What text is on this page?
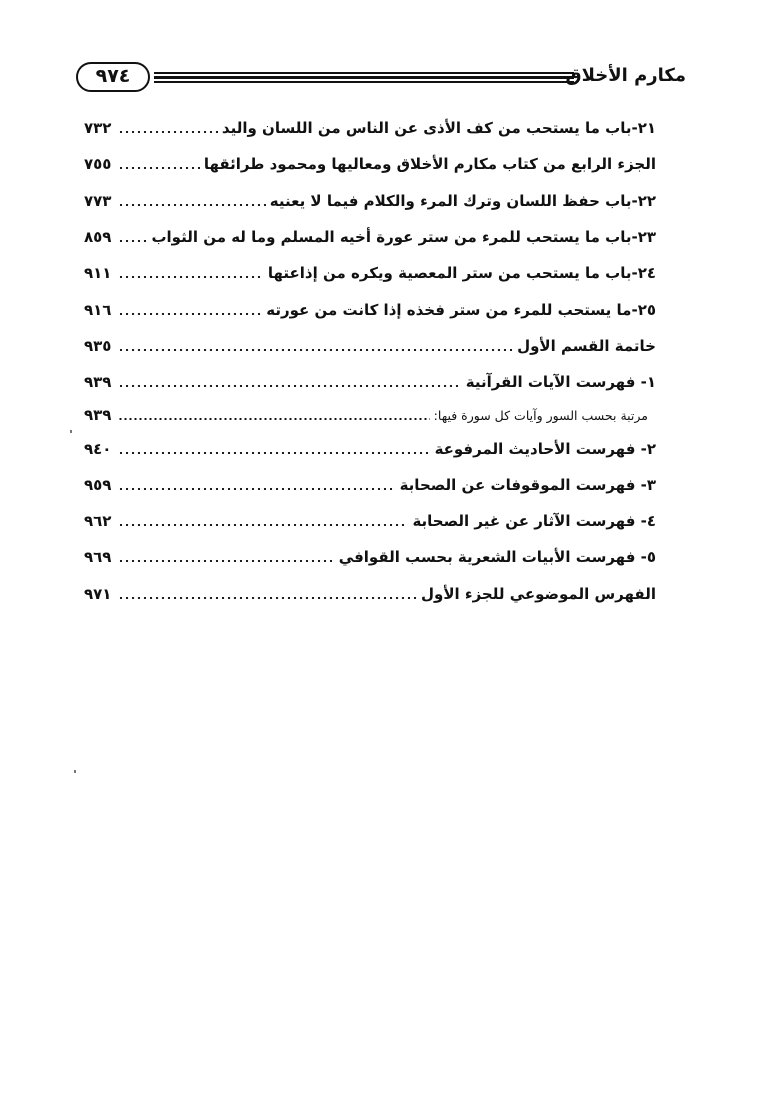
٩٧٤	مكارم الأخلاق
٢١-باب ما يستحب من كف الأذى عن الناس من اللسان واليد
٧٣٢
الجزء الرابع من كتاب مكارم الأخلاق ومعاليها ومحمود طرائقها
٧٥٥
٢٢-باب حفظ اللسان وترك المرء والكلام فيما لا يعنيه
٧٧٣
٢٣-باب ما يستحب للمرء من ستر عورة أخيه المسلم وما له من الثواب
٨٥٩
٢٤-باب ما يستحب من ستر المعصية ويكره من إذاعتها
٩١١
٢٥-ما يستحب للمرء من ستر فخذه إذا كانت من عورته
٩١٦
خاتمة القسم الأول
٩٣٥
١- فهرست الآيات القرآنية
٩٣٩
مرتبة بحسب السور وآيات كل سورة فيها:
٩٣٩
٢- فهرست الأحاديث المرفوعة
٩٤٠
٣- فهرست الموقوفات عن الصحابة
٩٥٩
٤- فهرست الآثار عن غير الصحابة
٩٦٢
٥- فهرست الأبيات الشعرية بحسب القوافي
٩٦٩
الفهرس الموضوعي للجزء الأول
٩٧١
